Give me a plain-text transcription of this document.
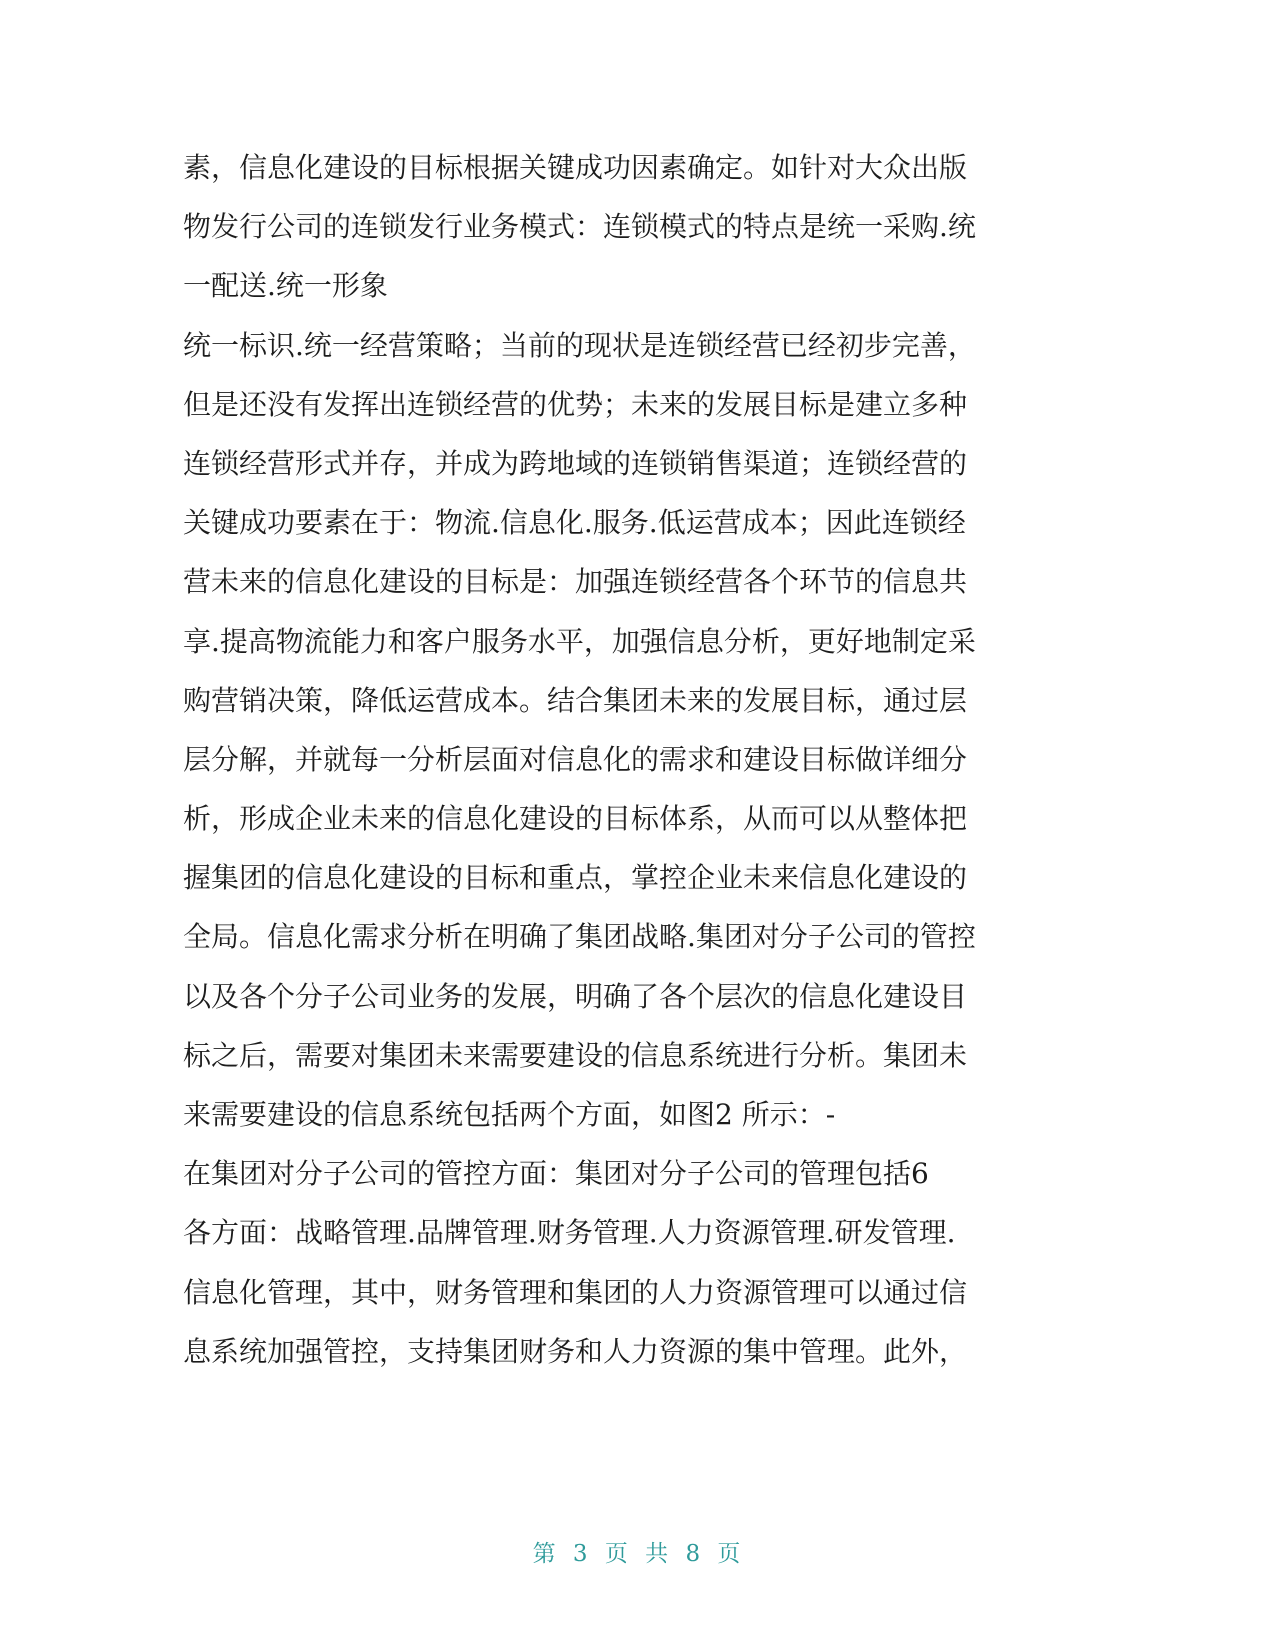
素，信息化建设的目标根据关键成功因素确定。如针对大众出版
物发行公司的连锁发行业务模式：连锁模式的特点是统一采购.统
一配送.统一形象
统一标识.统一经营策略；当前的现状是连锁经营已经初步完善，
但是还没有发挥出连锁经营的优势；未来的发展目标是建立多种
连锁经营形式并存，并成为跨地域的连锁销售渠道；连锁经营的
关键成功要素在于：物流.信息化.服务.低运营成本；因此连锁经
营未来的信息化建设的目标是：加强连锁经营各个环节的信息共
享.提高物流能力和客户服务水平，加强信息分析，更好地制定采
购营销决策，降低运营成本。结合集团未来的发展目标，通过层
层分解，并就每一分析层面对信息化的需求和建设目标做详细分
析，形成企业未来的信息化建设的目标体系，从而可以从整体把
握集团的信息化建设的目标和重点，掌控企业未来信息化建设的
全局。信息化需求分析在明确了集团战略.集团对分子公司的管控
以及各个分子公司业务的发展，明确了各个层次的信息化建设目
标之后，需要对集团未来需要建设的信息系统进行分析。集团未
来需要建设的信息系统包括两个方面，如图2 所示：-
在集团对分子公司的管控方面：集团对分子公司的管理包括6
各方面：战略管理.品牌管理.财务管理.人力资源管理.研发管理.
信息化管理，其中，财务管理和集团的人力资源管理可以通过信
息系统加强管控，支持集团财务和人力资源的集中管理。此外，
第 3 页 共 8 页
